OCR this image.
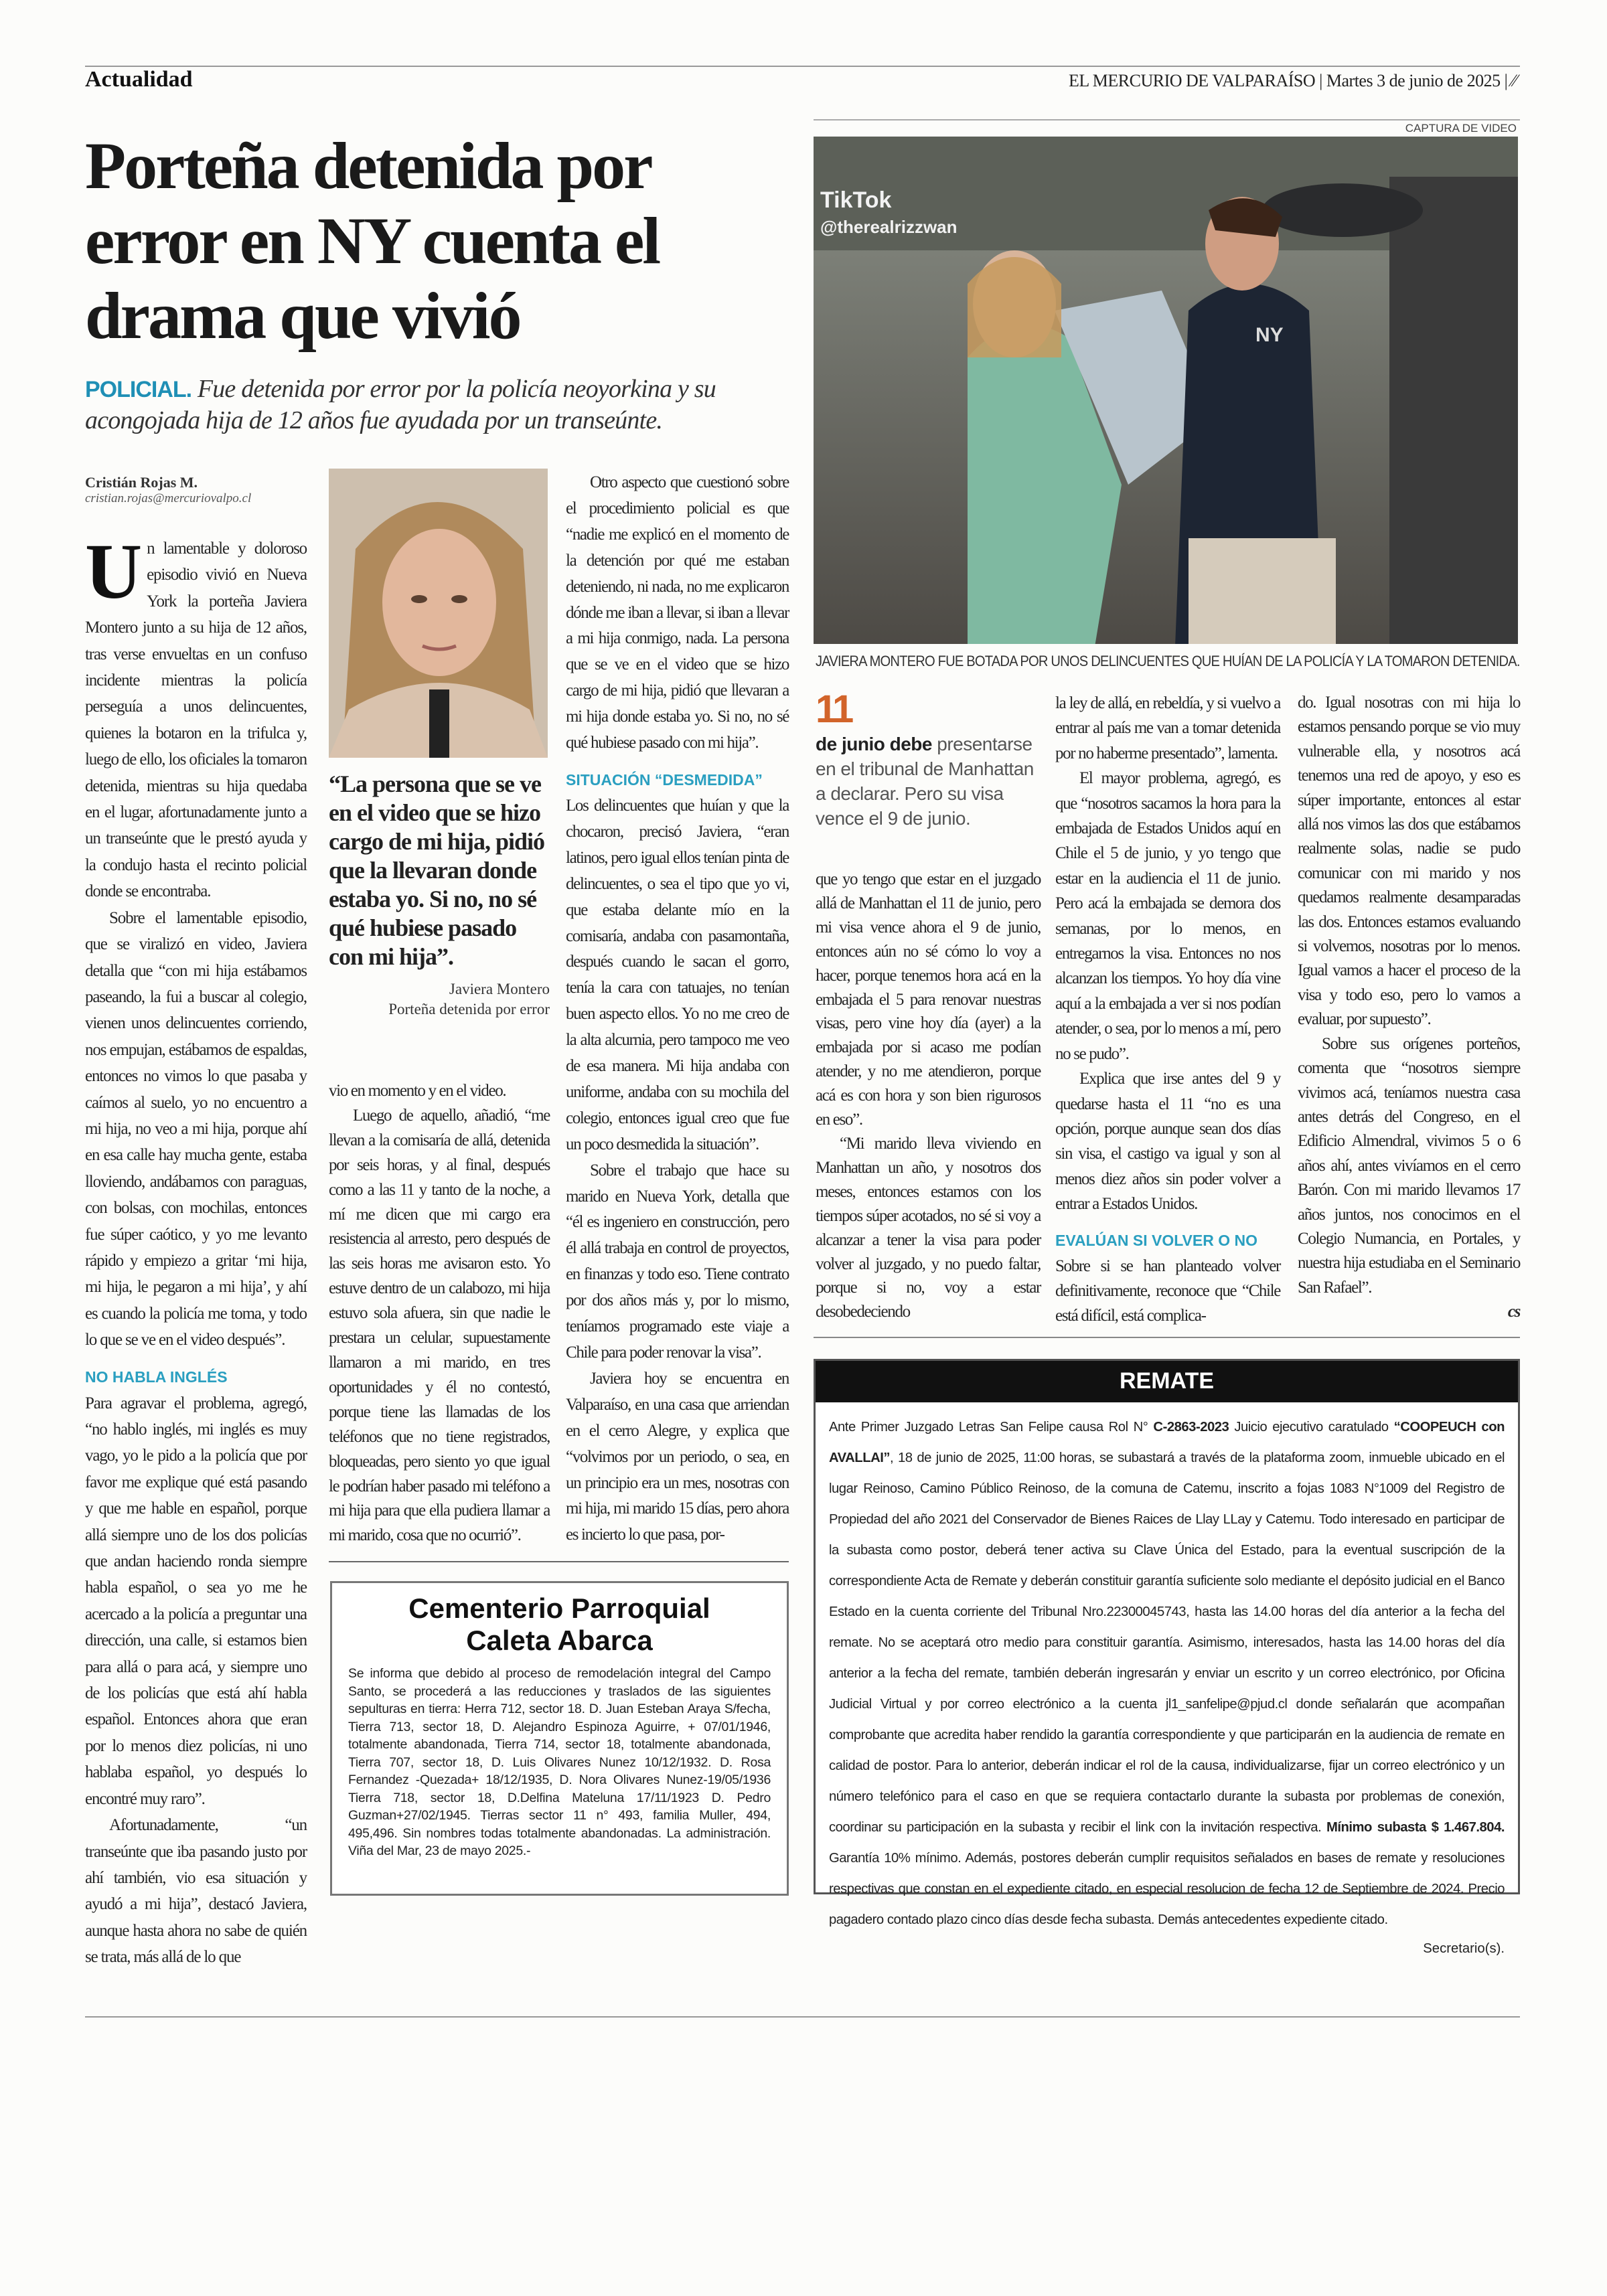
Actualidad	EL MERCURIO DE VALPARAÍSO | Martes 3 de junio de 2025 | ⁄⁄
Porteña detenida por error en NY cuenta el drama que vivió
POLICIAL. Fue detenida por error por la policía neoyorkina y su acongojada hija de 12 años fue ayudada por un transeúnte.
CAPTURA DE VIDEO
TikTok
@therealrizzwan
NY
JAVIERA MONTERO FUE BOTADA POR UNOS DELINCUENTES QUE HUÍAN DE LA POLICÍA Y LA TOMARON DETENIDA.
Cristián Rojas M.
cristian.rojas@mercuriovalpo.cl

Un lamentable y doloroso episodio vivió en Nueva York la porteña Javiera Montero junto a su hija de 12 años, tras verse envueltas en un confuso incidente mientras la policía perseguía a unos delincuentes, quienes la botaron en la trifulca y, luego de ello, los oficiales la tomaron detenida, mientras su hija quedaba en el lugar, afortunadamente junto a un transeúnte que le prestó ayuda y la condujo hasta el recinto policial donde se encontraba.

Sobre el lamentable episodio, que se viralizó en video, Javiera detalla que “con mi hija estábamos paseando, la fui a buscar al colegio, vienen unos delincuentes corriendo, nos empujan, estábamos de espaldas, entonces no vimos lo que pasaba y caímos al suelo, yo no encuentro a mi hija, no veo a mi hija, porque ahí en esa calle hay mucha gente, estaba lloviendo, andábamos con paraguas, con bolsas, con mochilas, entonces fue súper caótico, y yo me levanto rápido y empiezo a gritar ‘mi hija, mi hija, le pegaron a mi hija’, y ahí es cuando la policía me toma, y todo lo que se ve en el video después”.

NO HABLA INGLÉS

Para agravar el problema, agregó, “no hablo inglés, mi inglés es muy vago, yo le pido a la policía que por favor me explique qué está pasando y que me hable en español, porque allá siempre uno de los dos policías que andan haciendo ronda siempre habla español, o sea yo me he acercado a la policía a preguntar una dirección, una calle, si estamos bien para allá o para acá, y siempre uno de los policías que está ahí habla español. Entonces ahora que eran por lo menos diez policías, ni uno hablaba español, yo después lo encontré muy raro”.

Afortunadamente, “un transeúnte que iba pasando justo por ahí también, vio esa situación y ayudó a mi hija”, destacó Javiera, aunque hasta ahora no sabe de quién se trata, más allá de lo que

“La persona que se ve en el video que se hizo cargo de mi hija, pidió que la llevaran donde estaba yo. Si no, no sé qué hubiese pasado con mi hija”.
Javiera Montero
Porteña detenida por error

vio en momento y en el video.

Luego de aquello, añadió, “me llevan a la comisaría de allá, detenida por seis horas, y al final, después como a las 11 y tanto de la noche, a mí me dicen que mi cargo era resistencia al arresto, pero después de las seis horas me avisaron esto. Yo estuve dentro de un calabozo, mi hija estuvo sola afuera, sin que nadie le prestara un celular, supuestamente llamaron a mi marido, en tres oportunidades y él no contestó, porque tiene las llamadas de los teléfonos que no tiene registrados, bloqueadas, pero siento yo que igual le podrían haber pasado mi teléfono a mi hija para que ella pudiera llamar a mi marido, cosa que no ocurrió”.

Otro aspecto que cuestionó sobre el procedimiento policial es que “nadie me explicó en el momento de la detención por qué me estaban deteniendo, ni nada, no me explicaron dónde me iban a llevar, si iban a llevar a mi hija conmigo, nada. La persona que se ve en el video que se hizo cargo de mi hija, pidió que llevaran a mi hija donde estaba yo. Si no, no sé qué hubiese pasado con mi hija”.

SITUACIÓN “DESMEDIDA”

Los delincuentes que huían y que la chocaron, precisó Javiera, “eran latinos, pero igual ellos tenían pinta de delincuentes, o sea el tipo que yo vi, que estaba delante mío en la comisaría, andaba con pasamontaña, después cuando le sacan el gorro, tenía la cara con tatuajes, no tenían buen aspecto ellos. Yo no me creo de la alta alcurnia, pero tampoco me veo de esa manera. Mi hija andaba con uniforme, andaba con su mochila del colegio, entonces igual creo que fue un poco desmedida la situación”.

Sobre el trabajo que hace su marido en Nueva York, detalla que “él es ingeniero en construcción, pero él allá trabaja en control de proyectos, en finanzas y todo eso. Tiene contrato por dos años más y, por lo mismo, teníamos programado este viaje a Chile para poder renovar la visa”.

Javiera hoy se encuentra en Valparaíso, en una casa que arriendan en el cerro Alegre, y explica que “volvimos por un periodo, o sea, en un principio era un mes, nosotras con mi hija, mi marido 15 días, pero ahora es incierto lo que pasa, por-

11
de junio debe presentarse en el tribunal de Manhattan a declarar. Pero su visa vence el 9 de junio.

que yo tengo que estar en el juzgado allá de Manhattan el 11 de junio, pero mi visa vence ahora el 9 de junio, entonces aún no sé cómo lo voy a hacer, porque tenemos hora acá en la embajada el 5 para renovar nuestras visas, pero vine hoy día (ayer) a la embajada por si acaso me podían atender, y no me atendieron, porque acá es con hora y son bien rigurosos en eso”.

“Mi marido lleva viviendo en Manhattan un año, y nosotros dos meses, entonces estamos con los tiempos súper acotados, no sé si voy a alcanzar a tener la visa para poder volver al juzgado, y no puedo faltar, porque si no, voy a estar desobedeciendo

la ley de allá, en rebeldía, y si vuelvo a entrar al país me van a tomar detenida por no haberme presentado”, lamenta.

El mayor problema, agregó, es que “nosotros sacamos la hora para la embajada de Estados Unidos aquí en Chile el 5 de junio, y yo tengo que estar en la audiencia el 11 de junio. Pero acá la embajada se demora dos semanas, por lo menos, en entregarnos la visa. Entonces no nos alcanzan los tiempos. Yo hoy día vine aquí a la embajada a ver si nos podían atender, o sea, por lo menos a mí, pero no se pudo”.

Explica que irse antes del 9 y quedarse hasta el 11 “no es una opción, porque aunque sean dos días sin visa, el castigo va igual y son al menos diez años sin poder volver a entrar a Estados Unidos.

EVALÚAN SI VOLVER O NO

Sobre si se han planteado volver definitivamente, reconoce que “Chile está difícil, está complica-

do. Igual nosotras con mi hija lo estamos pensando porque se vio muy vulnerable ella, y nosotros acá tenemos una red de apoyo, y eso es súper importante, entonces al estar allá nos vimos las dos que estábamos realmente solas, nadie se pudo comunicar con mi marido y nos quedamos realmente desamparadas las dos. Entonces estamos evaluando si volvemos, nosotras por lo menos. Igual vamos a hacer el proceso de la visa y todo eso, pero lo vamos a evaluar, por supuesto”.

Sobre sus orígenes porteños, comenta que “nosotros siempre vivimos acá, teníamos nuestra casa antes detrás del Congreso, en el Edificio Almendral, vivimos 5 o 6 años ahí, antes vivíamos en el cerro Barón. Con mi marido llevamos 17 años juntos, nos conocimos en el Colegio Numancia, en Portales, y nuestra hija estudiaba en el Seminario San Rafael”.

cs
Cementerio Parroquial
Caleta Abarca
Se informa que debido al proceso de remodelación integral del Campo Santo, se procederá a las reducciones y traslados de las siguientes sepulturas en tierra: Herra 712, sector 18. D. Juan Esteban Araya S/fecha, Tierra 713, sector 18, D. Alejandro Espinoza Aguirre, + 07/01/1946, totalmente abandonada, Tierra 714, sector 18, totalmente abandonada, Tierra 707, sector 18, D. Luis Olivares Nunez 10/12/1932. D. Rosa Fernandez -Quezada+ 18/12/1935, D. Nora Olivares Nunez-19/05/1936 Tierra 718, sector 18, D.Delfina Mateluna 17/11/1923 D. Pedro Guzman+27/02/1945. Tierras sector 11 n° 493, familia Muller, 494, 495,496. Sin nombres todas totalmente abandonadas. La administración. Viña del Mar, 23 de mayo 2025.-
REMATE
Ante Primer Juzgado Letras San Felipe causa Rol N° C-2863-2023 Juicio ejecutivo caratulado “COOPEUCH con AVALLAI”, 18 de junio de 2025, 11:00 horas, se subastará a través de la plataforma zoom, inmueble ubicado en el lugar Reinoso, Camino Público Reinoso, de la comuna de Catemu, inscrito a fojas 1083 N°1009 del Registro de Propiedad del año 2021 del Conservador de Bienes Raices de Llay LLay y Catemu. Todo interesado en participar de la subasta como postor, deberá tener activa su Clave Única del Estado, para la eventual suscripción de la correspondiente Acta de Remate y deberán constituir garantía suficiente solo mediante el depósito judicial en el Banco Estado en la cuenta corriente del Tribunal Nro.22300045743, hasta las 14.00 horas del día anterior a la fecha del remate. No se aceptará otro medio para constituir garantía. Asimismo, interesados, hasta las 14.00 horas del día anterior a la fecha del remate, también deberán ingresarán y enviar un escrito y un correo electrónico, por Oficina Judicial Virtual y por correo electrónico a la cuenta jl1_sanfelipe@pjud.cl donde señalarán que acompañan comprobante que acredita haber rendido la garantía correspondiente y que participarán en la audiencia de remate en calidad de postor. Para lo anterior, deberán indicar el rol de la causa, individualizarse, fijar un correo electrónico y un número telefónico para el caso en que se requiera contactarlo durante la subasta por problemas de conexión, coordinar su participación en la subasta y recibir el link con la invitación respectiva. Mínimo subasta $ 1.467.804. Garantía 10% mínimo. Además, postores deberán cumplir requisitos señalados en bases de remate y resoluciones respectivas que constan en el expediente citado, en especial resolucion de fecha 12 de Septiembre de 2024. Precio pagadero contado plazo cinco días desde fecha subasta. Demás antecedentes expediente citado.
Secretario(s).
